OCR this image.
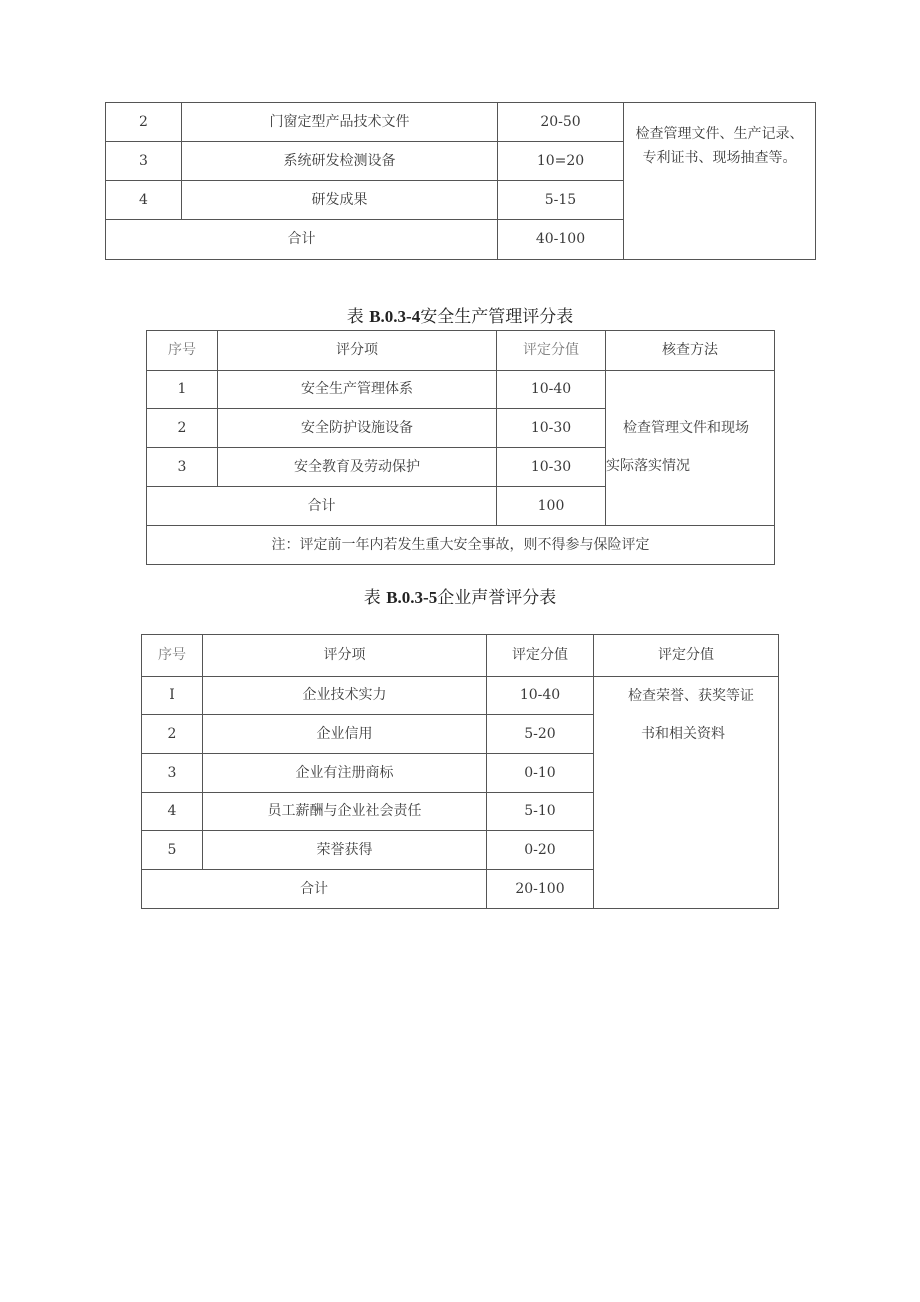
2	门窗定型产品技术文件	20-50	检查管理文件、生产记录、
专利证书、现场抽查等。

3	系统研发检测设备	10=20	
4	研发成果	5-15	
合计		40-100	
表 B.0.3-4安全生产管理评分表
序号	评分项	评定分值	核查方法
1	安全生产管理体系	10-40	检查管理文件和现场
实际落实情况

2	安全防护设施设备	10-30	
3	安全教育及劳动保护	10-30	
合计		100	
注：评定前一年内若发生重大安全事故，则不得参与保险评定			
表 B.0.3-5企业声誉评分表
序号	评分项	评定分值	评定分值
I	企业技术实力	10-40	检查荣誉、获奖等证
书和相关资料

2	企业信用	5-20	
3	企业有注册商标	0-10	
4	员工薪酬与企业社会责任	5-10	
5	荣誉获得	0-20	
合计		20-100	
